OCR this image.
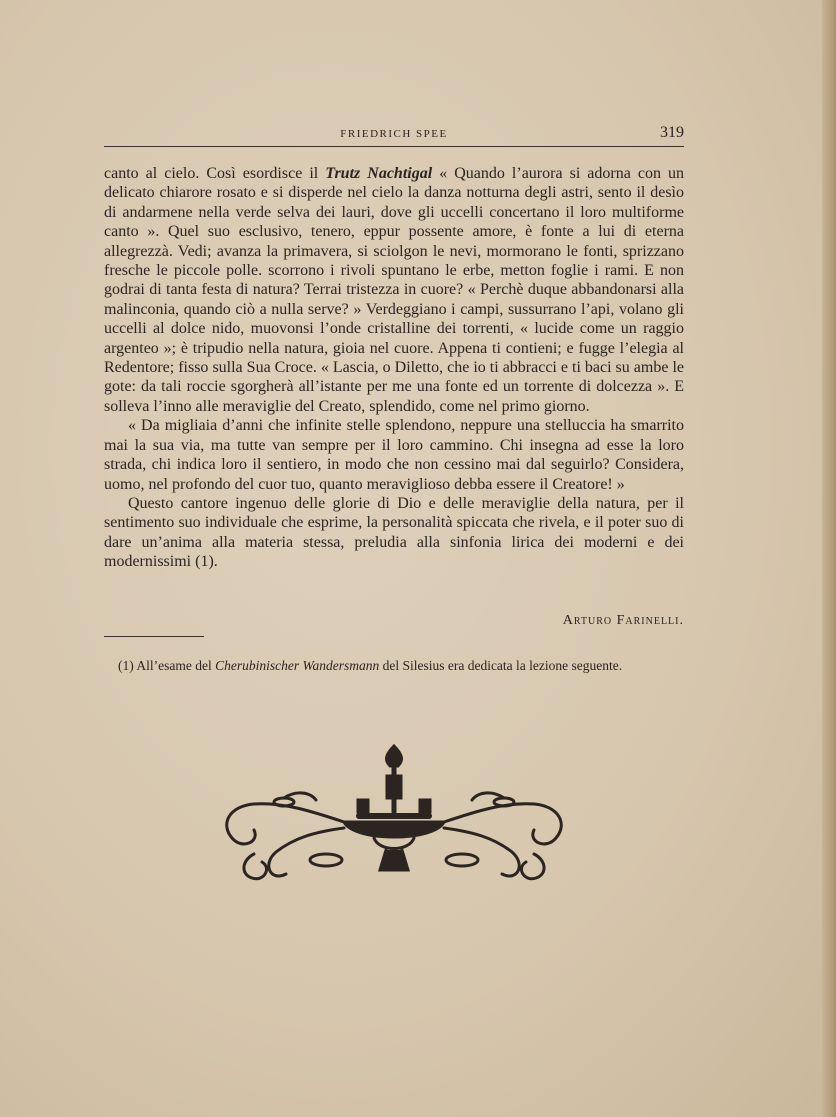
FRIEDRICH SPEE	319

canto al cielo. Così esordisce il Trutz Nachtigal « Quando l’aurora si adorna con un delicato chiarore rosato e si disperde nel cielo la danza notturna degli astri, sento il desìo di andarmene nella verde selva dei lauri, dove gli uccelli concertano il loro multiforme canto ». Quel suo esclusivo, tenero, eppur possente amore, è fonte a lui di eterna allegrezzà. Vedi; avanza la primavera, si sciolgon le nevi, mormorano le fonti, sprizzano fresche le piccole polle. scorrono i rivoli spuntano le erbe, metton foglie i rami. E non godrai di tanta festa di natura? Terrai tristezza in cuore? « Perchè duque abbandonarsi alla malinconia, quando ciò a nulla serve? » Verdeggiano i campi, sussurrano l’api, volano gli uccelli al dolce nido, muovonsi l’onde cristalline dei torrenti, « lucide come un raggio argenteo »; è tripudio nella natura, gioia nel cuore. Appena ti contieni; e fugge l’elegia al Redentore; fisso sulla Sua Croce. « Lascia, o Diletto, che io ti abbracci e ti baci su ambe le gote: da tali roccie sgorgherà all’istante per me una fonte ed un torrente di dolcezza ». E solleva l’inno alle meraviglie del Creato, splendido, come nel primo giorno.

« Da migliaia d’anni che infinite stelle splendono, neppure una stelluccia ha smarrito mai la sua via, ma tutte van sempre per il loro cammino. Chi insegna ad esse la loro strada, chi indica loro il sentiero, in modo che non cessino mai dal seguirlo? Considera, uomo, nel profondo del cuor tuo, quanto meraviglioso debba essere il Creatore! »

Questo cantore ingenuo delle glorie di Dio e delle meraviglie della natura, per il sentimento suo individuale che esprime, la personalità spiccata che rivela, e il poter suo di dare un’anima alla materia stessa, preludia alla sinfonia lirica dei moderni e dei modernissimi (1).

Arturo Farinelli.

(1) All’esame del Cherubinischer Wandersmann del Silesius era dedicata la lezione seguente.
